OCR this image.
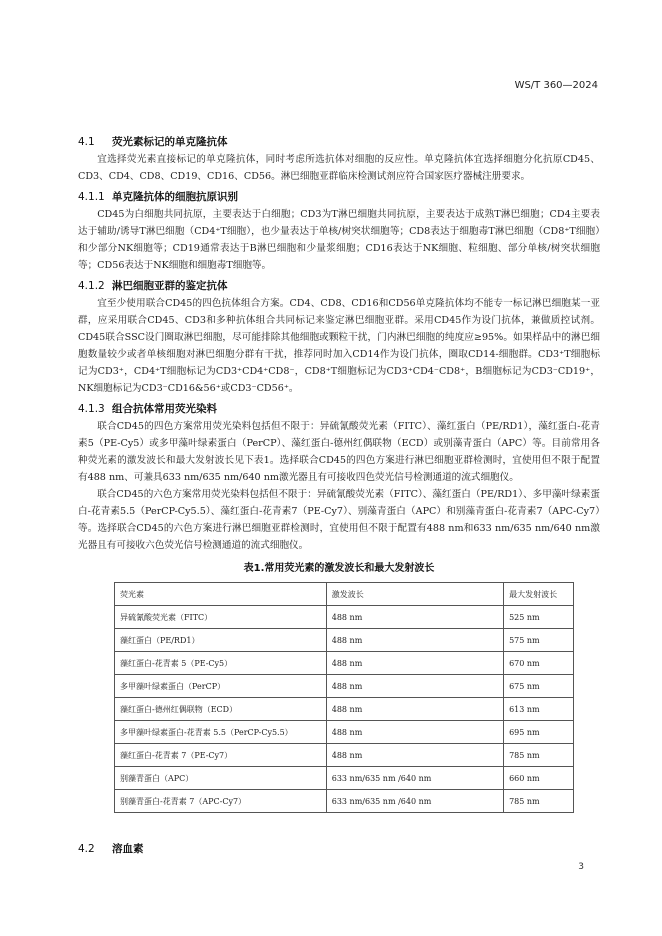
WS/T 360—2024
4.1 荧光素标记的单克隆抗体
宜选择荧光素直接标记的单克隆抗体，同时考虑所选抗体对细胞的反应性。单克隆抗体宜选择细胞分化抗原CD45、CD3、CD4、CD8、CD19、CD16、CD56。淋巴细胞亚群临床检测试剂应符合国家医疗器械注册要求。
4.1.1 单克隆抗体的细胞抗原识别
CD45为白细胞共同抗原，主要表达于白细胞；CD3为T淋巴细胞共同抗原，主要表达于成熟T淋巴细胞；CD4主要表达于辅助/诱导T淋巴细胞（CD4⁺T细胞），也少量表达于单核/树突状细胞等；CD8表达于细胞毒T淋巴细胞（CD8⁺T细胞）和少部分NK细胞等；CD19通常表达于B淋巴细胞和少量浆细胞；CD16表达于NK细胞、粒细胞、部分单核/树突状细胞等；CD56表达于NK细胞和细胞毒T细胞等。
4.1.2 淋巴细胞亚群的鉴定抗体
宜至少使用联合CD45的四色抗体组合方案。CD4、CD8、CD16和CD56单克隆抗体均不能专一标记淋巴细胞某一亚群，应采用联合CD45、CD3和多种抗体组合共同标记来鉴定淋巴细胞亚群。采用CD45作为设门抗体，兼做质控试剂。CD45联合SSC设门圈取淋巴细胞，尽可能排除其他细胞或颗粒干扰，门内淋巴细胞的纯度应≥95%。如果样品中的淋巴细胞数量较少或者单核细胞对淋巴细胞分群有干扰，推荐同时加入CD14作为设门抗体，圈取CD14-细胞群。CD3⁺T细胞标记为CD3⁺，CD4⁺T细胞标记为CD3⁺CD4⁺CD8⁻，CD8⁺T细胞标记为CD3⁺CD4⁻CD8⁺，B细胞标记为CD3⁻CD19⁺，NK细胞标记为CD3⁻CD16&56⁺或CD3⁻CD56⁺。
4.1.3 组合抗体常用荧光染料
联合CD45的四色方案常用荧光染料包括但不限于：异硫氰酸荧光素（FITC）、藻红蛋白（PE/RD1），藻红蛋白-花青素5（PE-Cy5）或多甲藻叶绿素蛋白（PerCP）、藻红蛋白-德州红偶联物（ECD）或别藻青蛋白（APC）等。目前常用各种荧光素的激发波长和最大发射波长见下表1。选择联合CD45的四色方案进行淋巴细胞亚群检测时，宜使用但不限于配置有488 nm、可兼具633 nm/635 nm/640 nm激光器且有可接收四色荧光信号检测通道的流式细胞仪。
联合CD45的六色方案常用荧光染料包括但不限于：异硫氰酸荧光素（FITC）、藻红蛋白（PE/RD1）、多甲藻叶绿素蛋白-花青素5.5（PerCP-Cy5.5）、藻红蛋白-花青素7（PE-Cy7）、别藻青蛋白（APC）和别藻青蛋白-花青素7（APC-Cy7）等。选择联合CD45的六色方案进行淋巴细胞亚群检测时，宜使用但不限于配置有488 nm和633 nm/635 nm/640 nm激光器且有可接收六色荧光信号检测通道的流式细胞仪。
表1.常用荧光素的激发波长和最大发射波长
荧光素	激发波长	最大发射波长
异硫氰酸荧光素（FITC）	488 nm	525 nm
藻红蛋白（PE/RD1）	488 nm	575 nm
藻红蛋白-花青素 5（PE-Cy5）	488 nm	670 nm
多甲藻叶绿素蛋白（PerCP）	488 nm	675 nm
藻红蛋白-德州红偶联物（ECD）	488 nm	613 nm
多甲藻叶绿素蛋白-花青素 5.5（PerCP-Cy5.5）	488 nm	695 nm
藻红蛋白-花青素 7（PE-Cy7）	488 nm	785 nm
别藻青蛋白（APC）	633 nm/635 nm /640 nm	660 nm
别藻青蛋白-花青素 7（APC-Cy7）	633 nm/635 nm /640 nm	785 nm
4.2 溶血素
3
